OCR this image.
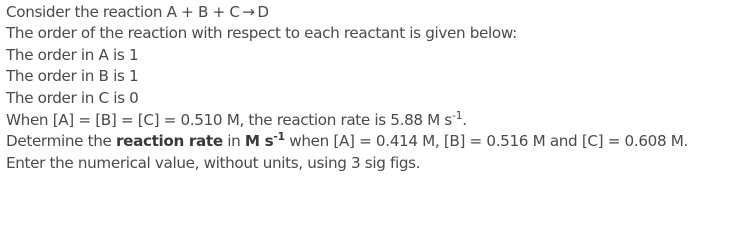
Consider the reaction A + B + C → D
The order of the reaction with respect to each reactant is given below:
The order in A is 1
The order in B is 1
The order in C is 0
When [A] = [B] = [C] = 0.510 M, the reaction rate is 5.88 M $s^{-1}$.
Determine the reaction rate in M $s^{-1}$ when [A] = 0.414 M, [B] = 0.516 M and [C] = 0.608 M.
Enter the numerical value, without units, using 3 sig figs.
